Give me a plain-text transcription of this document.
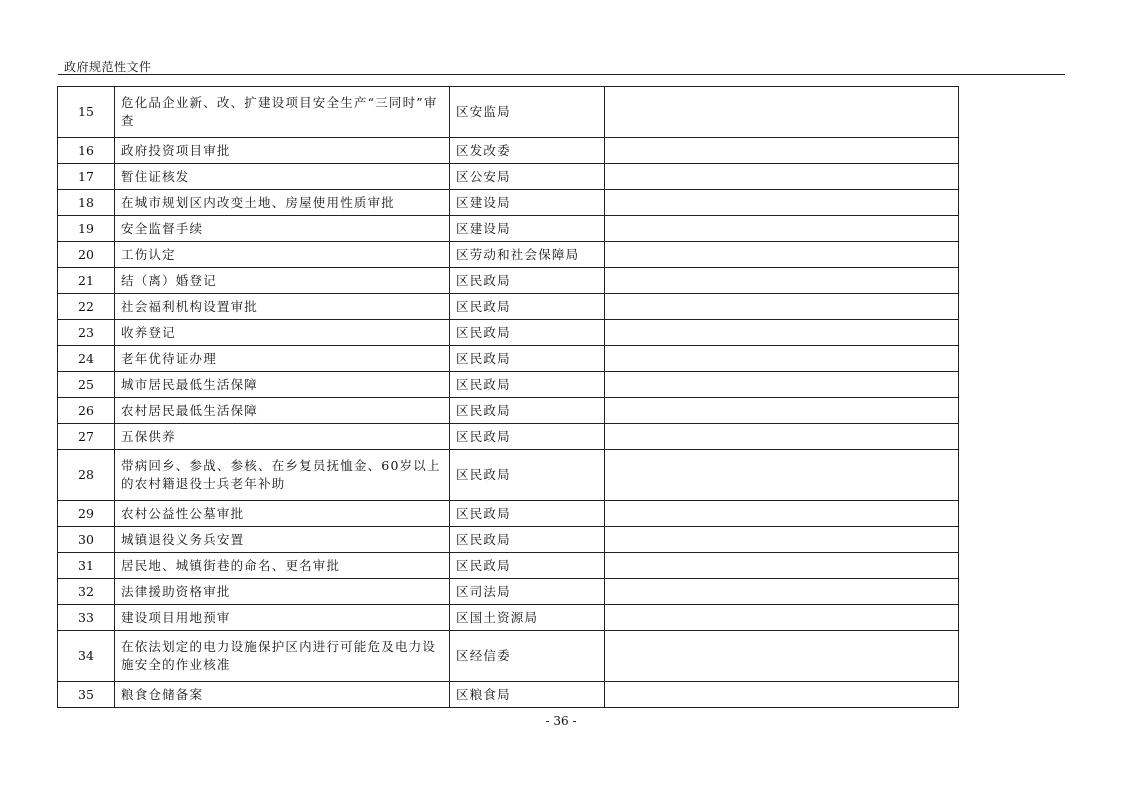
政府规范性文件
15	危化品企业新、改、扩建设项目安全生产“三同时”审查	区安监局	
16	政府投资项目审批	区发改委	
17	暂住证核发	区公安局	
18	在城市规划区内改变土地、房屋使用性质审批	区建设局	
19	安全监督手续	区建设局	
20	工伤认定	区劳动和社会保障局	
21	结（离）婚登记	区民政局	
22	社会福利机构设置审批	区民政局	
23	收养登记	区民政局	
24	老年优待证办理	区民政局	
25	城市居民最低生活保障	区民政局	
26	农村居民最低生活保障	区民政局	
27	五保供养	区民政局	
28	带病回乡、参战、参核、在乡复员抚恤金、60岁以上的农村籍退役士兵老年补助	区民政局	
29	农村公益性公墓审批	区民政局	
30	城镇退役义务兵安置	区民政局	
31	居民地、城镇街巷的命名、更名审批	区民政局	
32	法律援助资格审批	区司法局	
33	建设项目用地预审	区国土资源局	
34	在依法划定的电力设施保护区内进行可能危及电力设施安全的作业核准	区经信委	
35	粮食仓储备案	区粮食局	
- 36 -
